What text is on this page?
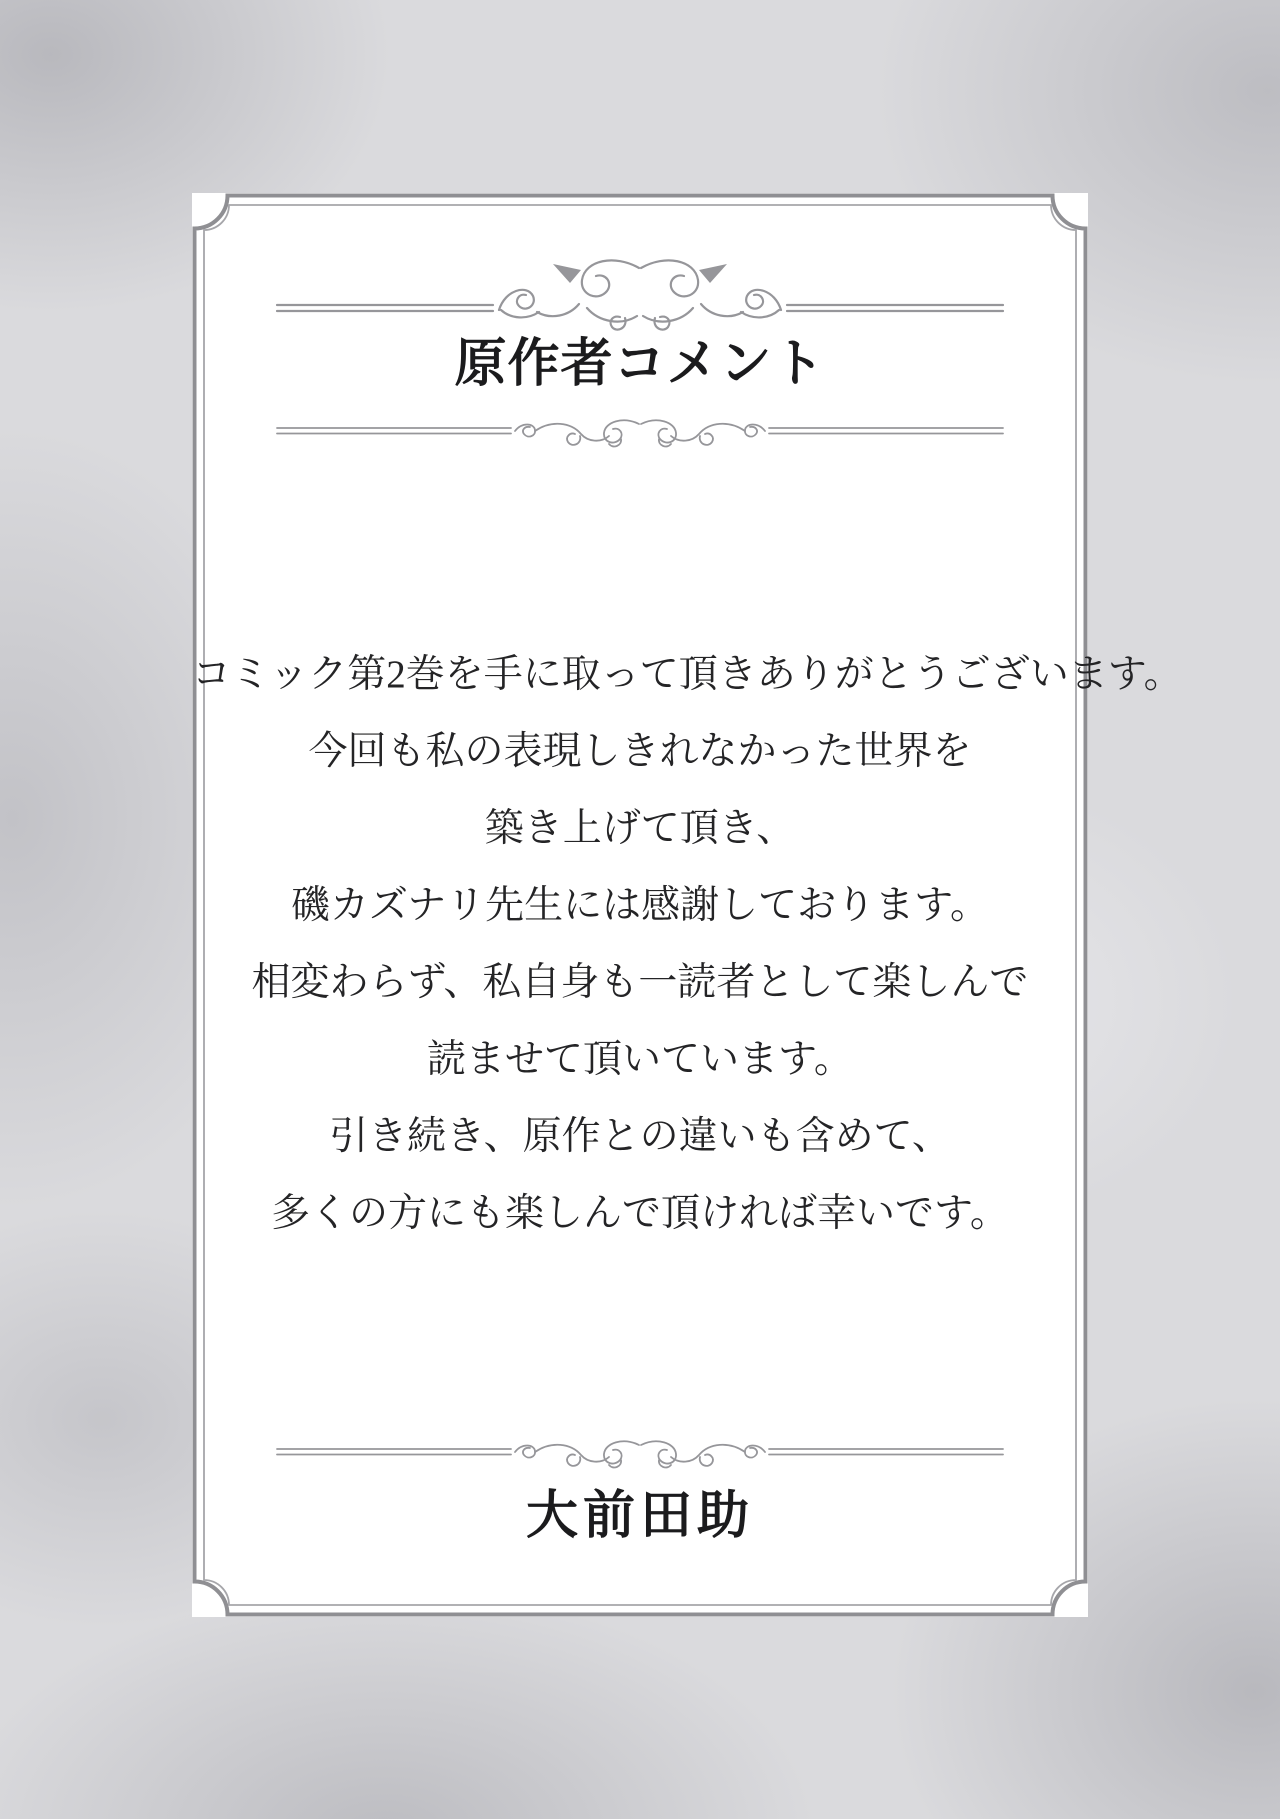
原作者コメント
コミック第2巻を手に取って頂きありがとうございます。
今回も私の表現しきれなかった世界を
築き上げて頂き、
磯カズナリ先生には感謝しております。
相変わらず、私自身も一読者として楽しんで
読ませて頂いています。
引き続き、原作との違いも含めて、
多くの方にも楽しんで頂ければ幸いです。
大前田助
